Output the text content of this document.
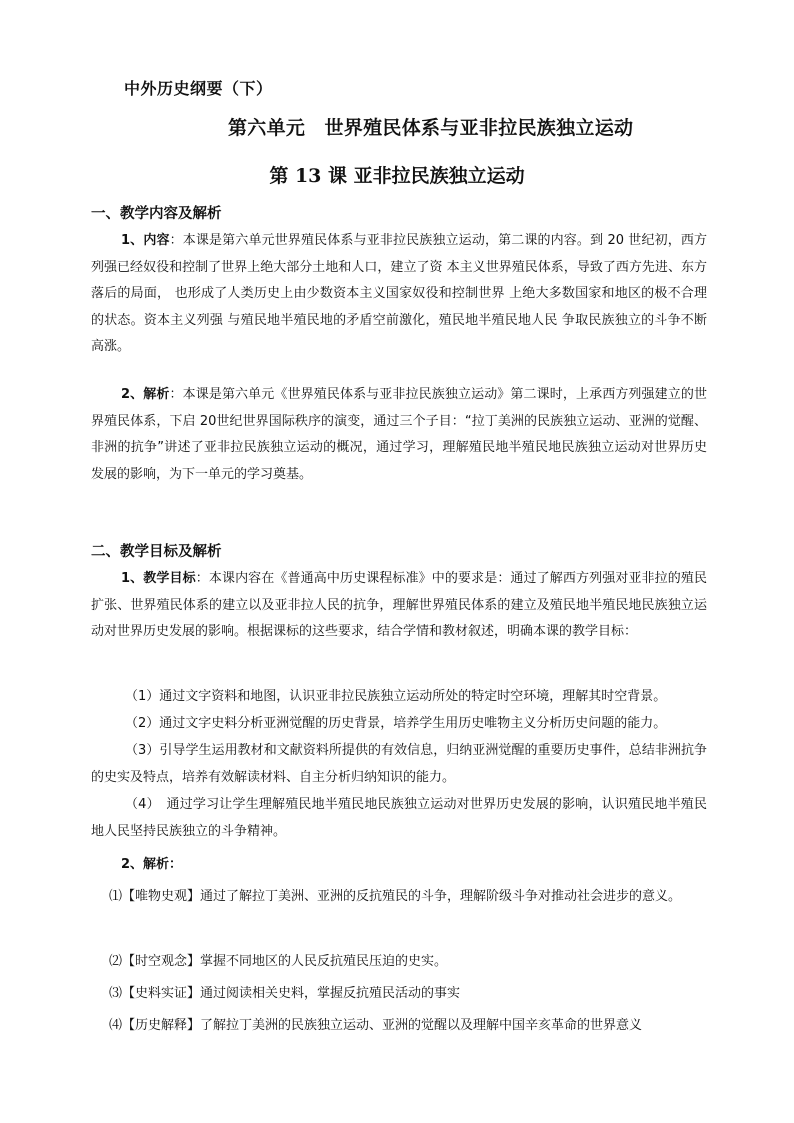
中外历史纲要（下）
第六单元　世界殖民体系与亚非拉民族独立运动
第 13 课 亚非拉民族独立运动
一、教学内容及解析
1、内容：本课是第六单元世界殖民体系与亚非拉民族独立运动，第二课的内容。到 20 世纪初，西方列强已经奴役和控制了世界上绝大部分土地和人口，建立了资 本主义世界殖民体系，导致了西方先进、东方落后的局面， 也形成了人类历史上由少数资本主义国家奴役和控制世界 上绝大多数国家和地区的极不合理的状态。资本主义列强 与殖民地半殖民地的矛盾空前激化，殖民地半殖民地人民 争取民族独立的斗争不断高涨。
2、解析：本课是第六单元《世界殖民体系与亚非拉民族独立运动》第二课时，上承西方列强建立的世界殖民体系，下启 20世纪世界国际秩序的演变，通过三个子目：“拉丁美洲的民族独立运动、亚洲的觉醒、非洲的抗争”讲述了亚非拉民族独立运动的概况，通过学习，理解殖民地半殖民地民族独立运动对世界历史发展的影响，为下一单元的学习奠基。
二、教学目标及解析
1、教学目标：本课内容在《普通高中历史课程标准》中的要求是：通过了解西方列强对亚非拉的殖民扩张、世界殖民体系的建立以及亚非拉人民的抗争，理解世界殖民体系的建立及殖民地半殖民地民族独立运动对世界历史发展的影响。根据课标的这些要求，结合学情和教材叙述，明确本课的教学目标：
（1）通过文字资料和地图，认识亚非拉民族独立运动所处的特定时空环境，理解其时空背景。
（2）通过文字史料分析亚洲觉醒的历史背景，培养学生用历史唯物主义分析历史问题的能力。
（3）引导学生运用教材和文献资料所提供的有效信息，归纳亚洲觉醒的重要历史事件，总结非洲抗争的史实及特点，培养有效解读材料、自主分析归纳知识的能力。
（4）　通过学习让学生理解殖民地半殖民地民族独立运动对世界历史发展的影响，认识殖民地半殖民地人民坚持民族独立的斗争精神。
2、解析：
⑴【唯物史观】通过了解拉丁美洲、亚洲的反抗殖民的斗争，理解阶级斗争对推动社会进步的意义。
⑵【时空观念】掌握不同地区的人民反抗殖民压迫的史实。
⑶【史料实证】通过阅读相关史料，掌握反抗殖民活动的事实
⑷【历史解释】了解拉丁美洲的民族独立运动、亚洲的觉醒以及理解中国辛亥革命的世界意义
